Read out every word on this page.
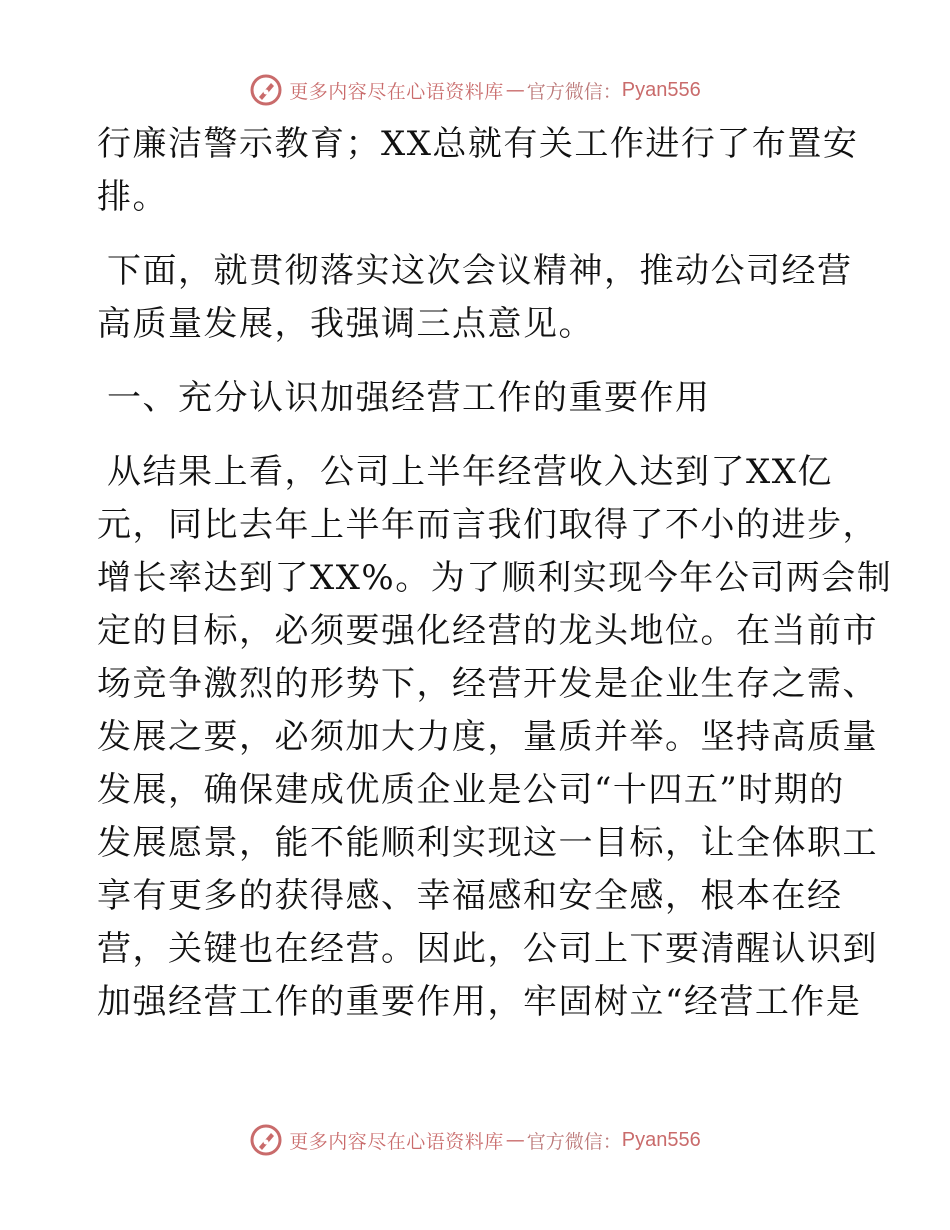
更多内容尽在心语资料库 — 官方微信： Pyan556
行廉洁警示教育；XX总就有关工作进行了布置安
排。
下面，就贯彻落实这次会议精神，推动公司经营
高质量发展，我强调三点意见。
一、充分认识加强经营工作的重要作用
从结果上看，公司上半年经营收入达到了XX亿
元，同比去年上半年而言我们取得了不小的进步，
增长率达到了XX%。为了顺利实现今年公司两会制
定的目标，必须要强化经营的龙头地位。在当前市
场竞争激烈的形势下，经营开发是企业生存之需、
发展之要，必须加大力度，量质并举。坚持高质量
发展，确保建成优质企业是公司“十四五”时期的
发展愿景，能不能顺利实现这一目标，让全体职工
享有更多的获得感、幸福感和安全感，根本在经
营，关键也在经营。因此，公司上下要清醒认识到
加强经营工作的重要作用，牢固树立“经营工作是
更多内容尽在心语资料库 — 官方微信： Pyan556
